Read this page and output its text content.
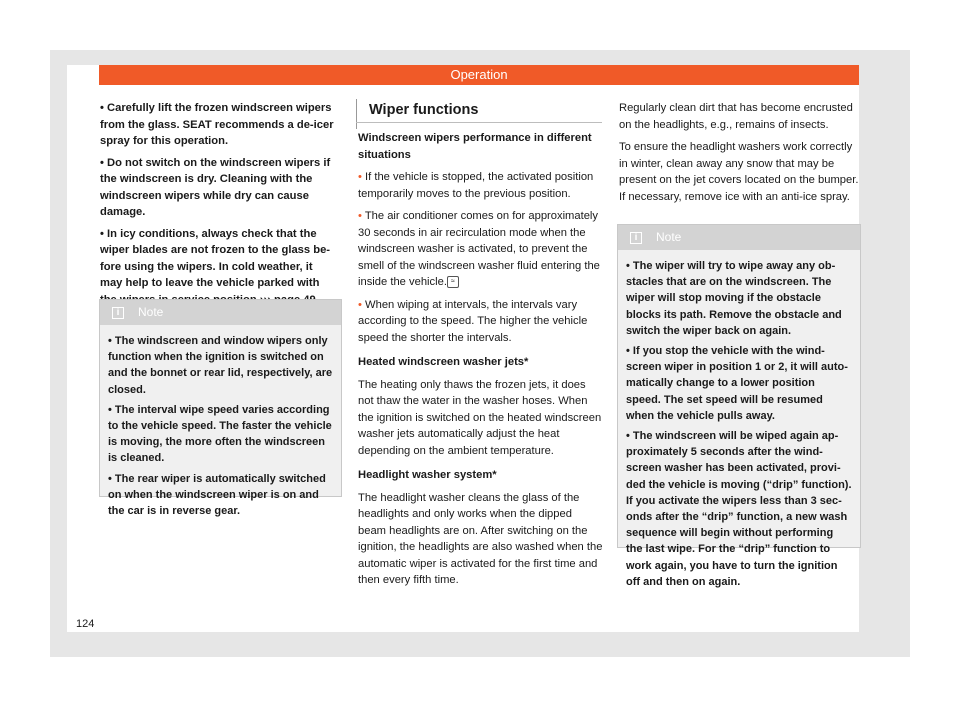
Operation

• Carefully lift the frozen windscreen wipers from the glass. SEAT recommends a de-icer spray for this operation.

• Do not switch on the windscreen wipers if the windscreen is dry. Cleaning with the windscreen wipers while dry can cause damage.

• In icy conditions, always check that the wiper blades are not frozen to the glass before using the wipers. In cold weather, it may help to leave the vehicle parked with

i	Note

• The windscreen and window wipers only function when the ignition is switched on and the bonnet or rear lid, respectively, are closed.

• The interval wipe speed varies according to the vehicle speed. The faster the vehicle is moving, the more often the windscreen is cleaned.

• The rear wiper is automatically switched on when the windscreen wiper is on and the car is in reverse gear.

Wiper functions

Windscreen wipers performance in different situations

• If the vehicle is stopped, the activated position temporarily moves to the previous position.

• The air conditioner comes on for approximately 30 seconds in air recirculation mode when the windscreen washer is activated, to prevent the smell of the windscreen washer fluid entering the inside the vehicle. ≈

• When wiping at intervals, the intervals vary according to the speed. The higher the vehicle speed the shorter the intervals.

Heated windscreen washer jets*

The heating only thaws the frozen jets, it does not thaw the water in the washer hoses. When the ignition is switched on the heated windscreen washer jets automatically adjust the heat depending on the ambient temperature.

Headlight washer system*

The headlight washer cleans the glass of the headlights and only works when the dipped beam headlights are on. After switching on the ignition, the headlights are also washed when the automatic wiper is activated for the first time and then every fifth time.

Regularly clean dirt that has become encrusted on the headlights, e.g., remains of insects.

To ensure the headlight washers work correctly in winter, clean away any snow that may be present on the jet covers located on the bumper. If necessary, remove ice with an anti-ice spray.

i	Note

• The wiper will try to wipe away any obstacles that are on the windscreen. The wiper will stop moving if the obstacle blocks its path. Remove the obstacle and switch the wiper back on again.

• If you stop the vehicle with the windscreen wiper in position 1 or 2, it will automatically change to a lower position speed. The set speed will be resumed when the vehicle pulls away.

• The windscreen will be wiped again approximately 5 seconds after the windscreen washer has been activated, provided the vehicle is moving (“drip” function). If you activate the wipers less than 3 seconds after the “drip” function, a new wash sequence will begin without performing the last wipe. For the “drip” function to work again, you have to turn the ignition off and then on again.

124
